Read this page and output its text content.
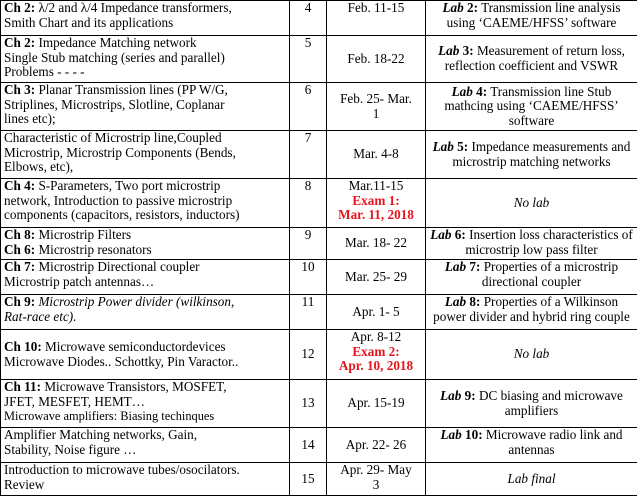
Ch 2: λ/2 and λ/4 Impedance transformers,
Smith Chart and its applications	4	Feb. 11-15	Lab 2: Transmission line analysis
using ‘CAEME/HFSS’ software

Ch 2: Impedance Matching network
Single Stub matching (series and parallel)
Problems - - - -	5	Feb. 18-22	Lab 3: Measurement of return loss,
reflection coefficient and VSWR

Ch 3: Planar Transmission lines (PP W/G,
Striplines, Microstrips, Slotline, Coplanar
lines etc);	6	Feb. 25- Mar.
1	Lab 4: Transmission line Stub
mathcing using ‘CAEME/HFSS’
software

Characteristic of Microstrip line,Coupled
Microstrip, Microstrip Components (Bends,
Elbows, etc),	7	Mar. 4-8	Lab 5: Impedance measurements and
microstrip matching networks

Ch 4: S-Parameters, Two port microstrip
network, Introduction to passive microstrip
components (capacitors, resistors, inductors)	8	Mar.11-15
Exam 1:
Mar. 11, 2018	No lab

Ch 8: Microstrip Filters
Ch 6: Microstrip resonators	9	Mar. 18- 22	Lab 6: Insertion loss characteristics of
microstrip low pass filter

Ch 7: Microstrip Directional coupler
Microstrip patch antennas…	10	Mar. 25- 29	Lab 7: Properties of a microstrip
directional coupler

Ch 9: Microstrip Power divider (wilkinson,
Rat-race etc).	11	Apr. 1- 5	Lab 8: Properties of a Wilkinson
power divider and hybrid ring couple

Ch 10: Microwave semiconductordevices
Microwave Diodes.. Schottky, Pin Varactor..	12	Apr. 8-12
Exam 2:
Apr. 10, 2018	No lab

Ch 11: Microwave Transistors, MOSFET,
JFET, MESFET, HEMT…
Microwave amplifiers: Biasing techinques	13	Apr. 15-19	Lab 9: DC biasing and microwave
amplifiers

Amplifier Matching networks, Gain,
Stability, Noise figure …	14	Apr. 22- 26	Lab 10: Microwave radio link and
antennas

Introduction to microwave tubes/osocilators.
Review	15	Apr. 29- May
3	Lab final
